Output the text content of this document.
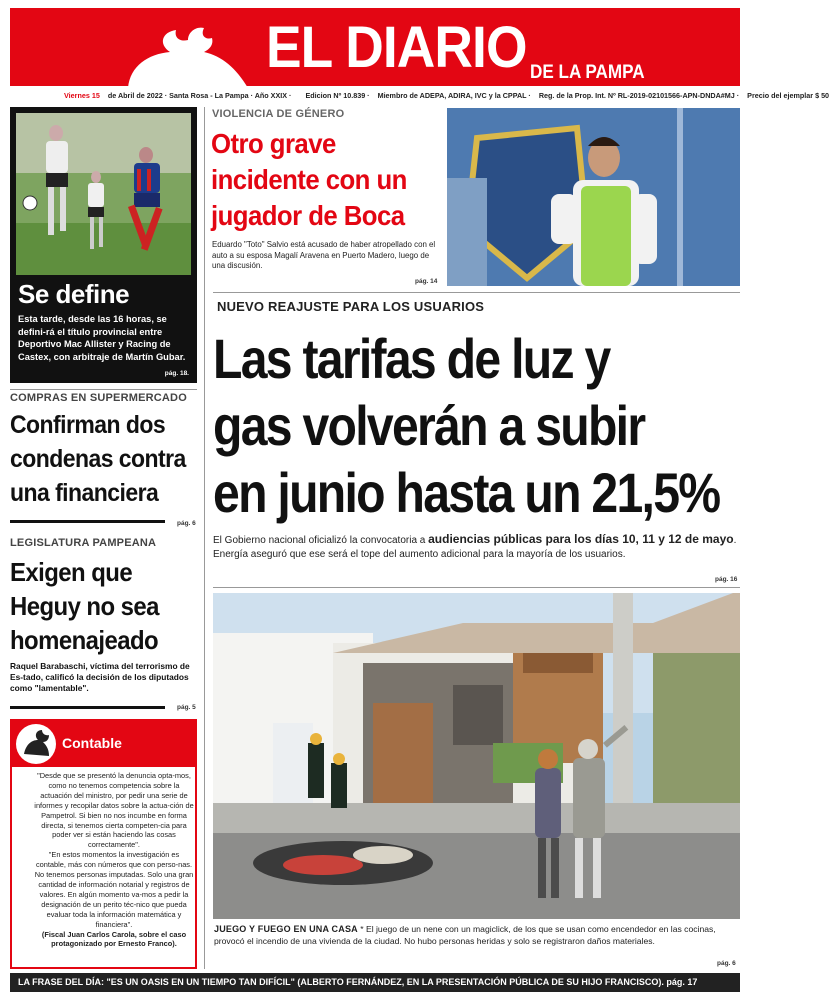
EL DIARIO DE LA PAMPA
Viernes 15 de Abril de 2022 · Santa Rosa - La Pampa · Año XXIX · Edicion Nº 10.839 · Miembro de ADEPA, ADIRA, IVC y la CPPAL · Reg. de la Prop. Int. Nº RL-2019-02101566-APN-DNDA#MJ · Precio del ejemplar $ 50
Se define

Esta tarde, desde las 16 horas, se defini-rá el título provincial entre Deportivo Mac Allister y Racing de Castex, con arbitraje de Martín Gubar.

pág. 18.
COMPRAS EN SUPERMERCADO
Confirman dos
condenas contra
una financiera
pág. 6
LEGISLATURA PAMPEANA
Exigen que
Heguy no sea
homenajeado

Raquel Barabaschi, víctima del terrorismo de Es-tado, calificó la decisión de los diputados como "lamentable".

pág. 5
Contable
"Desde que se presentó la denuncia opta-mos, como no tenemos competencia sobre la actuación del ministro, por pedir una serie de informes y recopilar datos sobre la actua-ción de Pampetrol. Si bien no nos incumbe en forma directa, si tenemos cierta competen-cia para poder ver si están haciendo las cosas correctamente".
"En estos momentos la investigación es contable, más con números que con perso-nas. No tenemos personas imputadas. Solo una gran cantidad de información notarial y registros de valores. En algún momento va-mos a pedir la designación de un perito téc-nico que pueda evaluar toda la información matemática y financiera".
(Fiscal Juan Carlos Carola, sobre el caso protagonizado por Ernesto Franco).
VIOLENCIA DE GÉNERO
Otro grave incidente con un jugador de Boca

Eduardo "Toto" Salvio está acusado de haber atropellado con el auto a su esposa Magalí Aravena en Puerto Madero, luego de una discusión.

pág. 14
NUEVO REAJUSTE PARA LOS USUARIOS
Las tarifas de luz y
gas volverán a subir
en junio hasta un 21,5%

El Gobierno nacional oficializó la convocatoria a audiencias públicas para los días 10, 11 y 12 de mayo. Energía aseguró que ese será el tope del aumento adicional para la mayoría de los usuarios.

pág. 16
JUEGO Y FUEGO EN UNA CASA * El juego de un nene con un magiclick, de los que se usan como encendedor en las cocinas, provocó el incendio de una vivienda de la ciudad. No hubo personas heridas y solo se registraron daños materiales.
pág. 6
LA FRASE DEL DÍA: "ES UN OASIS EN UN TIEMPO TAN DIFÍCIL" (ALBERTO FERNÁNDEZ, EN LA PRESENTACIÓN PÚBLICA DE SU HIJO FRANCISCO). pág. 17
